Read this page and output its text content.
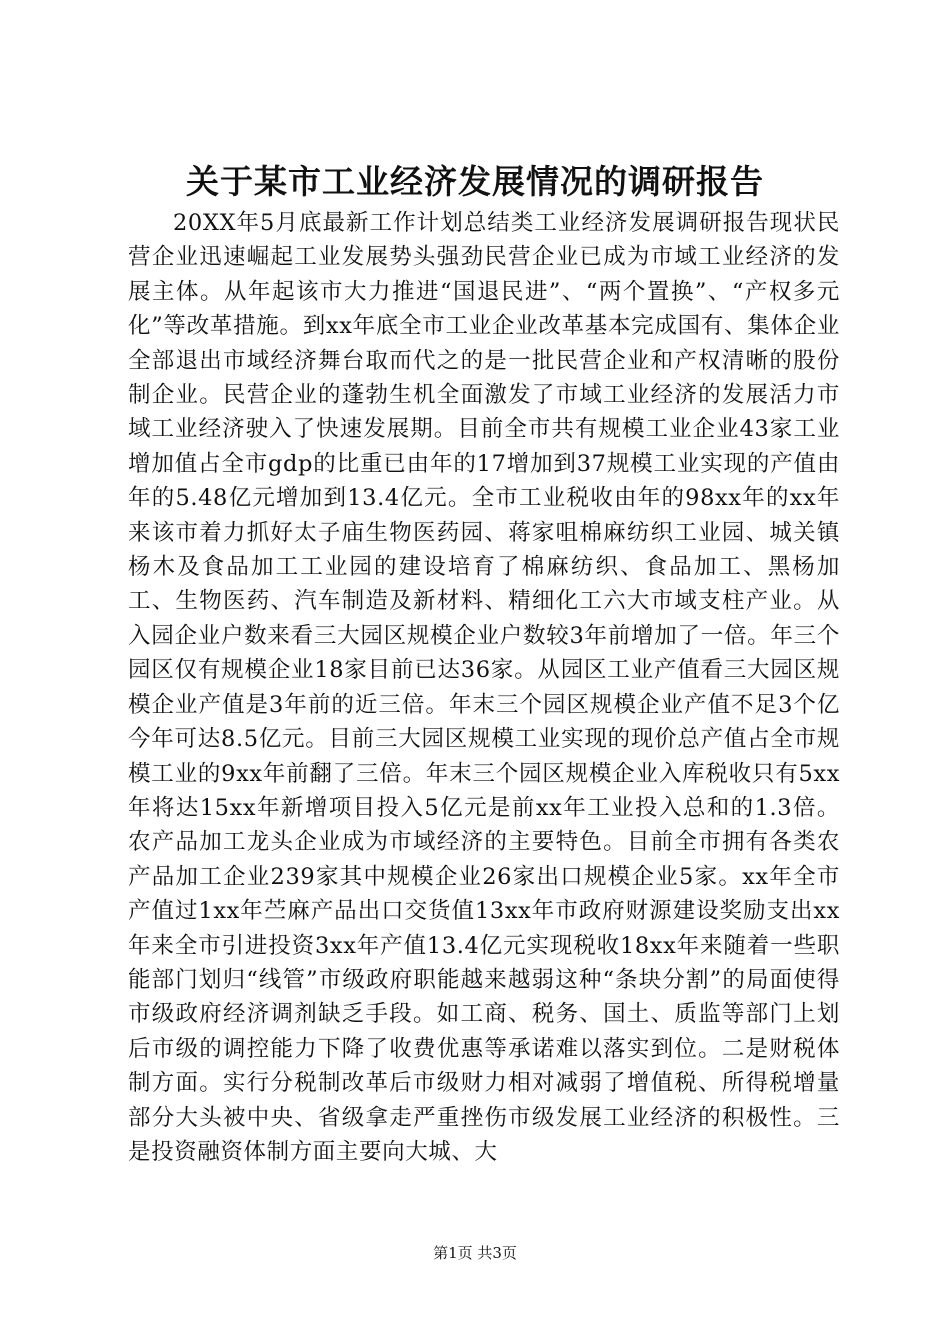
关于某市工业经济发展情况的调研报告

20XX年5月底最新工作计划总结类工业经济发展调研报告现状民营企业迅速崛起工业发展势头强劲民营企业已成为市域工业经济的发展主体。从年起该市大力推进“国退民进”、“两个置换”、“产权多元化”等改革措施。到xx年底全市工业企业改革基本完成国有、集体企业全部退出市域经济舞台取而代之的是一批民营企业和产权清晰的股份制企业。民营企业的蓬勃生机全面激发了市域工业经济的发展活力市域工业经济驶入了快速发展期。目前全市共有规模工业企业43家工业增加值占全市gdp的比重已由年的17增加到37规模工业实现的产值由年的5.48亿元增加到13.4亿元。全市工业税收由年的98xx年的xx年来该市着力抓好太子庙生物医药园、蒋家咀棉麻纺织工业园、城关镇杨木及食品加工工业园的建设培育了棉麻纺织、食品加工、黑杨加工、生物医药、汽车制造及新材料、精细化工六大市域支柱产业。从入园企业户数来看三大园区规模企业户数较3年前增加了一倍。年三个园区仅有规模企业18家目前已达36家。从园区工业产值看三大园区规模企业产值是3年前的近三倍。年末三个园区规模企业产值不足3个亿今年可达8.5亿元。目前三大园区规模工业实现的现价总产值占全市规模工业的9xx年前翻了三倍。年末三个园区规模企业入库税收只有5xx年将达15xx年新增项目投入5亿元是前xx年工业投入总和的1.3倍。农产品加工龙头企业成为市域经济的主要特色。目前全市拥有各类农产品加工企业239家其中规模企业26家出口规模企业5家。xx年全市产值过1xx年苎麻产品出口交货值13xx年市政府财源建设奖励支出xx年来全市引进投资3xx年产值13.4亿元实现税收18xx年来随着一些职能部门划归“线管”市级政府职能越来越弱这种“条块分割”的局面使得市级政府经济调剂缺乏手段。如工商、税务、国土、质监等部门上划后市级的调控能力下降了收费优惠等承诺难以落实到位。二是财税体制方面。实行分税制改革后市级财力相对减弱了增值税、所得税增量部分大头被中央、省级拿走严重挫伤市级发展工业经济的积极性。三是投资融资体制方面主要向大城、大

第1页 共3页
